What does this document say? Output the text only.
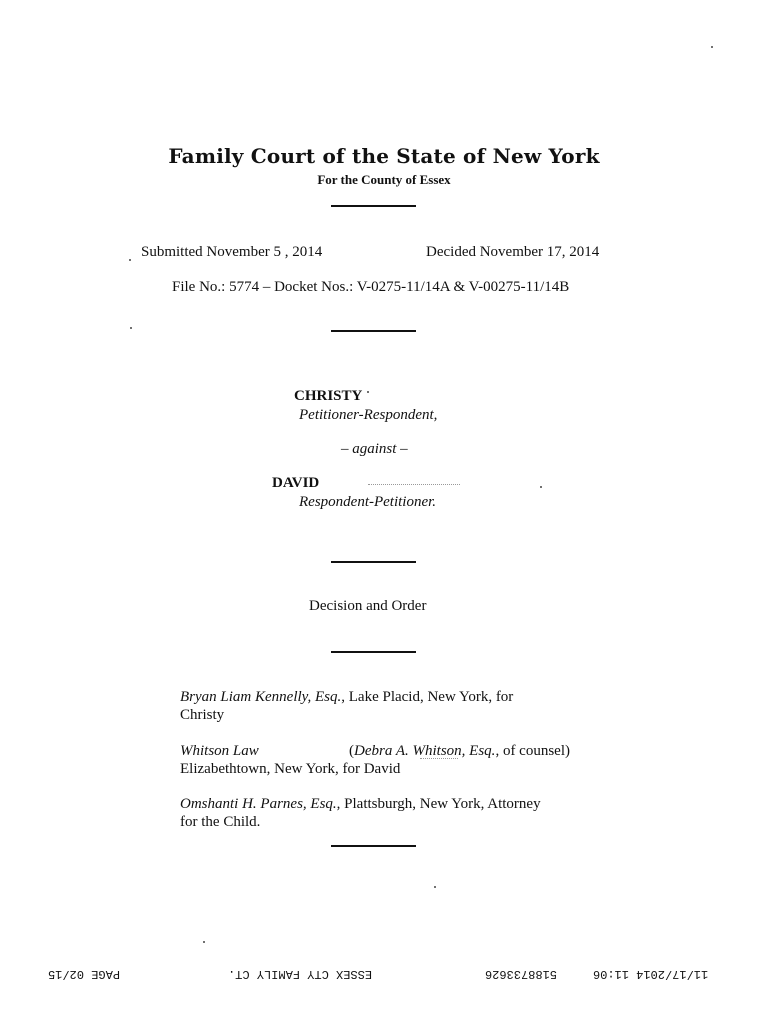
Family Court of the State of New York
For the County of Essex
Submitted November 5 , 2014	Decided November 17, 2014
File No.: 5774 – Docket Nos.: V-0275-11/14A & V-00275-11/14B
CHRISTY
Petitioner-Respondent,
– against –
DAVID
Respondent-Petitioner.
Decision and Order
Bryan Liam Kennelly, Esq., Lake Placid, New York, for
Christy
Whitson Law	(Debra A. Whitson, Esq., of counsel)
Elizabethtown, New York, for David
Omshanti H. Parnes, Esq., Plattsburgh, New York, Attorney
for the Child.
11/17/2014 11:06
5188733626
ESSEX CTY FAMILY CT.
PAGE 02/15
